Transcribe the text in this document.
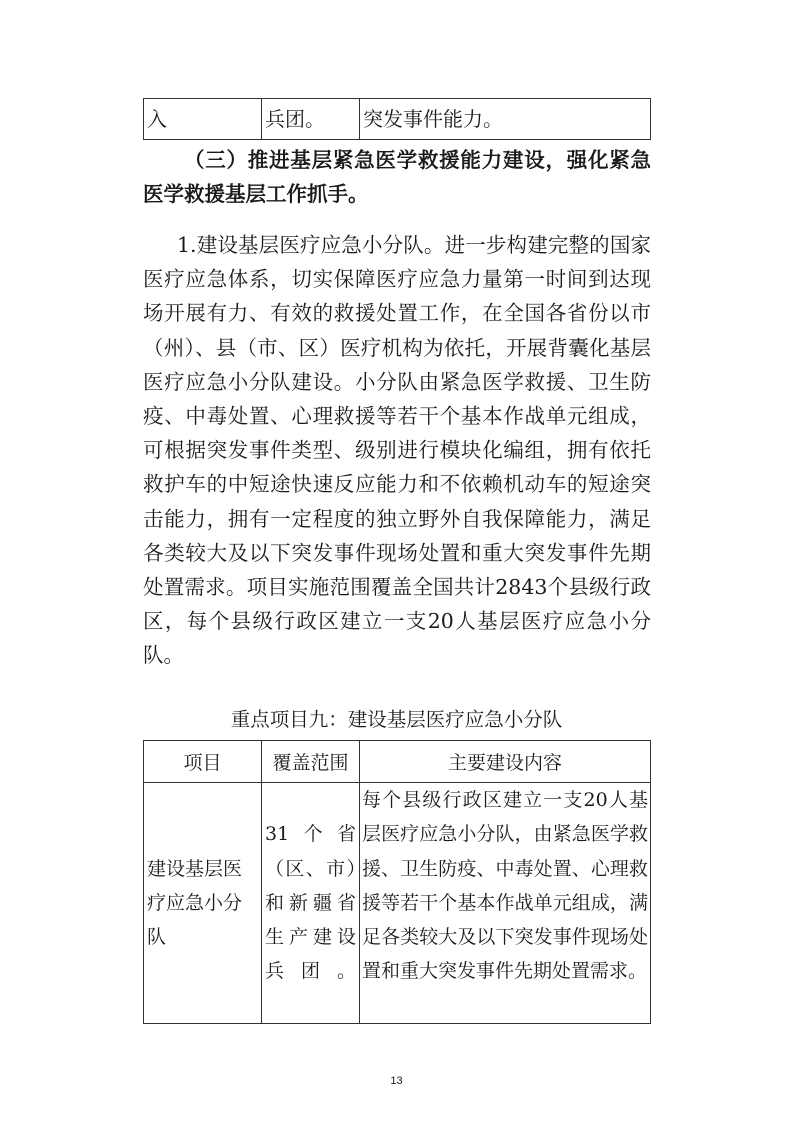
入	兵团。	突发事件能力。

（三）推进基层紧急医学救援能力建设，强化紧急医学救援基层工作抓手。

1.建设基层医疗应急小分队。进一步构建完整的国家医疗应急体系，切实保障医疗应急力量第一时间到达现场开展有力、有效的救援处置工作，在全国各省份以市（州）、县（市、区）医疗机构为依托，开展背囊化基层医疗应急小分队建设。小分队由紧急医学救援、卫生防疫、中毒处置、心理救援等若干个基本作战单元组成，可根据突发事件类型、级别进行模块化编组，拥有依托救护车的中短途快速反应能力和不依赖机动车的短途突击能力，拥有一定程度的独立野外自我保障能力，满足各类较大及以下突发事件现场处置和重大突发事件先期处置需求。项目实施范围覆盖全国共计2843个县级行政区，每个县级行政区建立一支20人基层医疗应急小分队。

重点项目九：建设基层医疗应急小分队
项目	覆盖范围	主要建设内容
建设基层医疗应急小分队	31个省（区、市）和新疆省生产建设兵团。	每个县级行政区建立一支20人基层医疗应急小分队，由紧急医学救援、卫生防疫、中毒处置、心理救援等若干个基本作战单元组成，满足各类较大及以下突发事件现场处置和重大突发事件先期处置需求。
13
